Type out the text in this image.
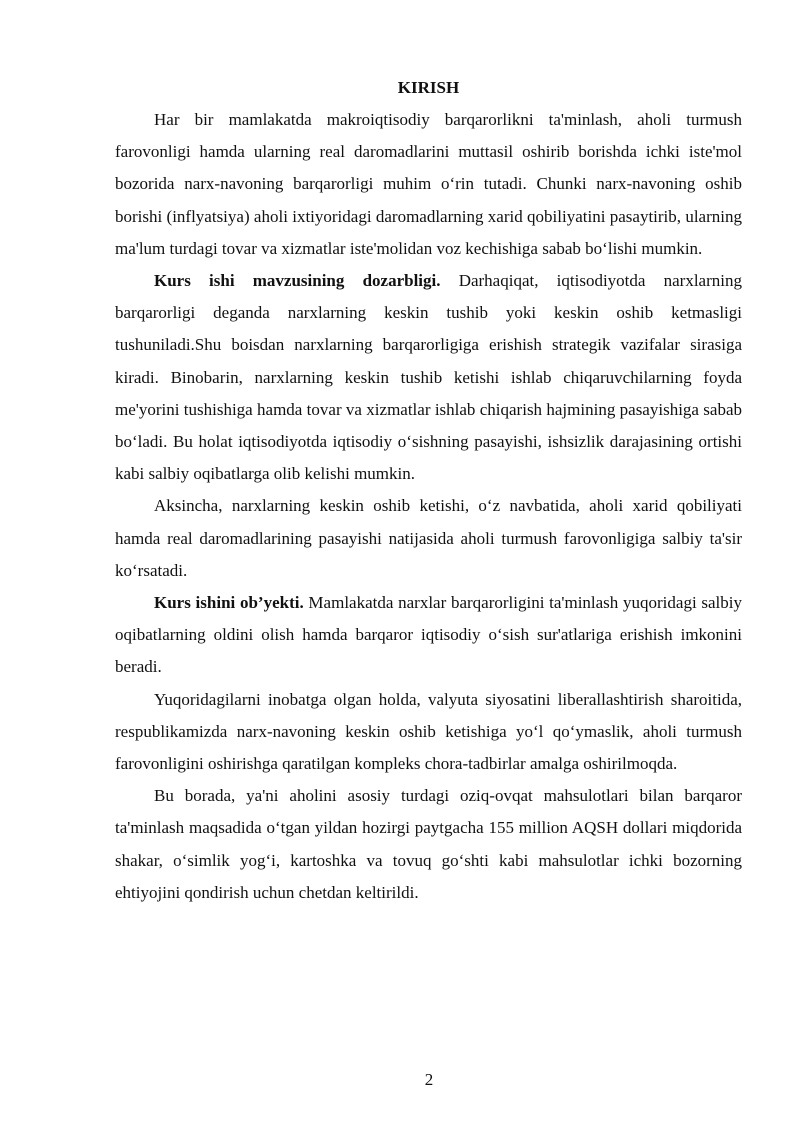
KIRISH

Har bir mamlakatda makroiqtisodiy barqarorlikni ta'minlash, aholi turmush farovonligi hamda ularning real daromadlarini muttasil oshirib borishda ichki iste'mol bozorida narx-navoning barqarorligi muhim o‘rin tutadi. Chunki narx-navoning oshib borishi (inflyatsiya) aholi ixtiyoridagi daromadlarning xarid qobiliyatini pasaytirib, ularning ma'lum turdagi tovar va xizmatlar iste'molidan voz kechishiga sabab bo‘lishi mumkin.

Kurs ishi mavzusining dozarbligi. Darhaqiqat, iqtisodiyotda narxlarning barqarorligi deganda narxlarning keskin tushib yoki keskin oshib ketmasligi tushuniladi.Shu boisdan narxlarning barqarorligiga erishish strategik vazifalar sirasiga kiradi. Binobarin, narxlarning keskin tushib ketishi ishlab chiqaruvchilarning foyda me'yorini tushishiga hamda tovar va xizmatlar ishlab chiqarish hajmining pasayishiga sabab bo‘ladi. Bu holat iqtisodiyotda iqtisodiy o‘sishning pasayishi, ishsizlik darajasining ortishi kabi salbiy oqibatlarga olib kelishi mumkin.

Aksincha, narxlarning keskin oshib ketishi, o‘z navbatida, aholi xarid qobiliyati hamda real daromadlarining pasayishi natijasida aholi turmush farovonligiga salbiy ta'sir ko‘rsatadi.

Kurs ishini ob’yekti. Mamlakatda narxlar barqarorligini ta'minlash yuqoridagi salbiy oqibatlarning oldini olish hamda barqaror iqtisodiy o‘sish sur'atlariga erishish imkonini beradi.

Yuqoridagilarni inobatga olgan holda, valyuta siyosatini liberallashtirish sharoitida, respublikamizda narx-navoning keskin oshib ketishiga yo‘l qo‘ymaslik, aholi turmush farovonligini oshirishga qaratilgan kompleks chora-tadbirlar amalga oshirilmoqda.

Bu borada, ya'ni aholini asosiy turdagi oziq-ovqat mahsulotlari bilan barqaror ta'minlash maqsadida o‘tgan yildan hozirgi paytgacha 155 million AQSH dollari miqdorida shakar, o‘simlik yog‘i, kartoshka va tovuq go‘shti kabi mahsulotlar ichki bozorning ehtiyojini qondirish uchun chetdan keltirildi.

2
